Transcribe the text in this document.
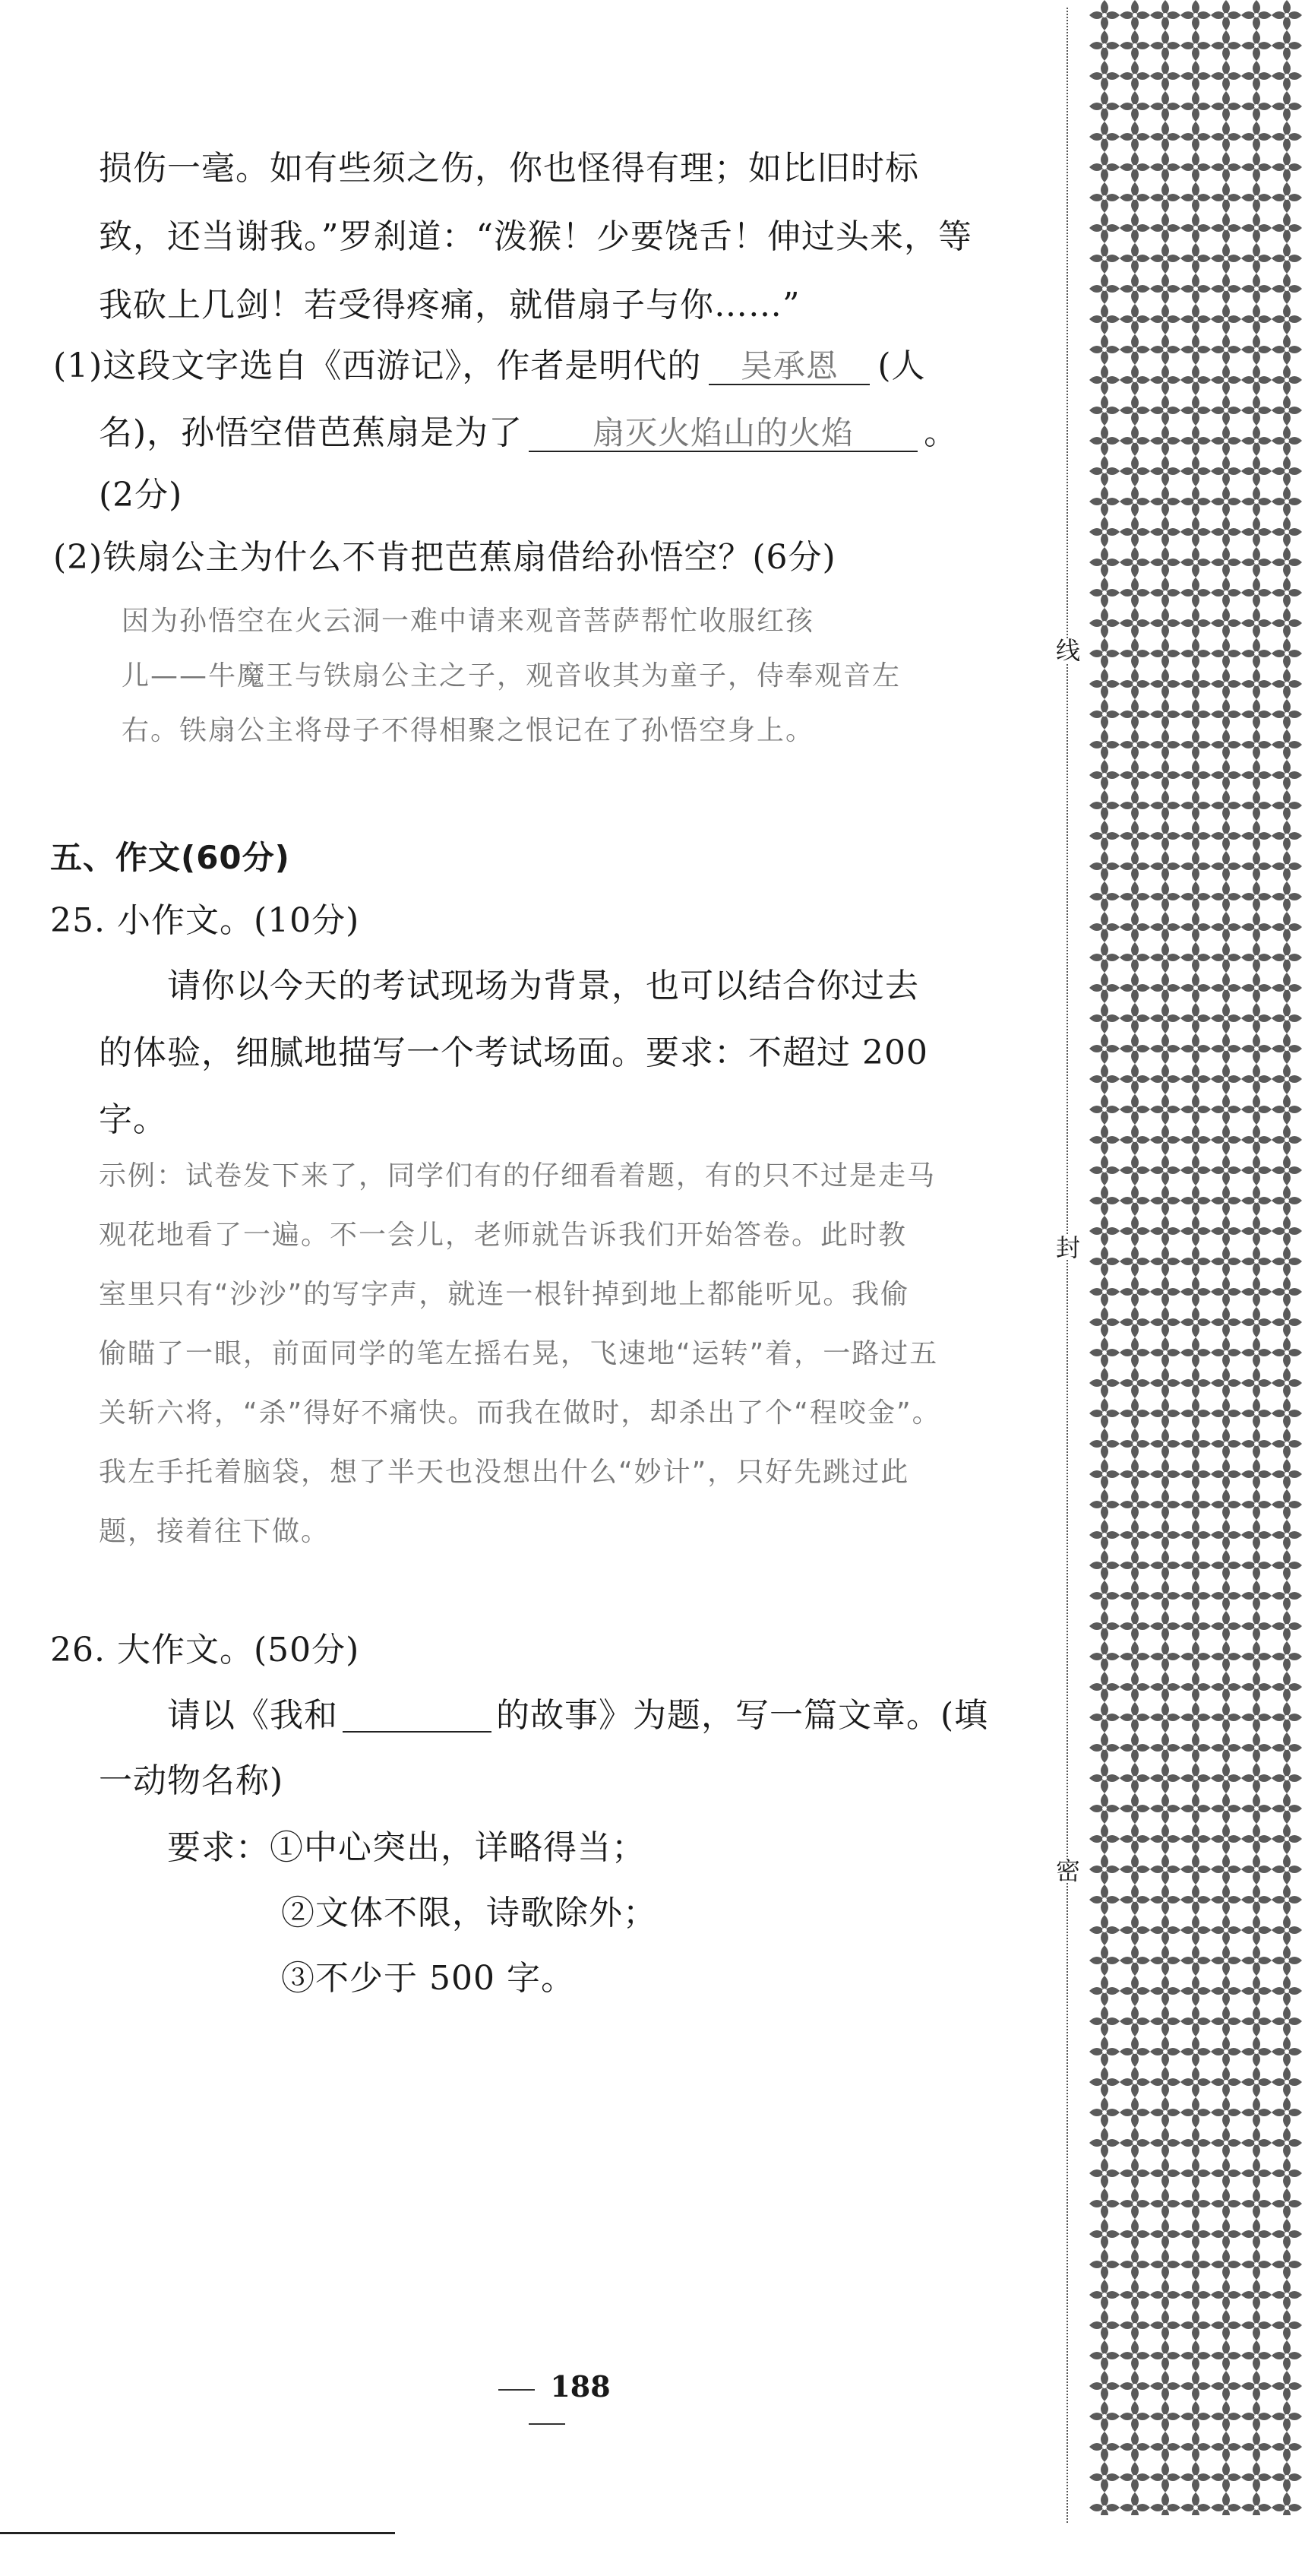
损伤一毫。如有些须之伤，你也怪得有理；如比旧时标
致，还当谢我。”罗刹道：“泼猴！少要饶舌！伸过头来，等
我砍上几剑！若受得疼痛，就借扇子与你……”
(1)这段文字选自《西游记》，作者是明代的 吴承恩 (人
名)，孙悟空借芭蕉扇是为了 扇灭火焰山的火焰 。
(2分)
(2)铁扇公主为什么不肯把芭蕉扇借给孙悟空？(6分)
因为孙悟空在火云洞一难中请来观音菩萨帮忙收服红孩
儿——牛魔王与铁扇公主之子，观音收其为童子，侍奉观音左
右。铁扇公主将母子不得相聚之恨记在了孙悟空身上。
五、作文(60分)
25. 小作文。(10分)
请你以今天的考试现场为背景，也可以结合你过去
的体验，细腻地描写一个考试场面。要求：不超过 200
字。
示例：试卷发下来了，同学们有的仔细看着题，有的只不过是走马
观花地看了一遍。不一会儿，老师就告诉我们开始答卷。此时教
室里只有“沙沙”的写字声，就连一根针掉到地上都能听见。我偷
偷瞄了一眼，前面同学的笔左摇右晃，飞速地“运转”着，一路过五
关斩六将，“杀”得好不痛快。而我在做时，却杀出了个“程咬金”。
我左手托着脑袋，想了半天也没想出什么“妙计”，只好先跳过此
题，接着往下做。
26. 大作文。(50分)
请以《我和	的故事》为题，写一篇文章。(填
一动物名称)
要求：①中心突出，详略得当；
②文体不限，诗歌除外；
③不少于 500 字。
188
线
封
密
